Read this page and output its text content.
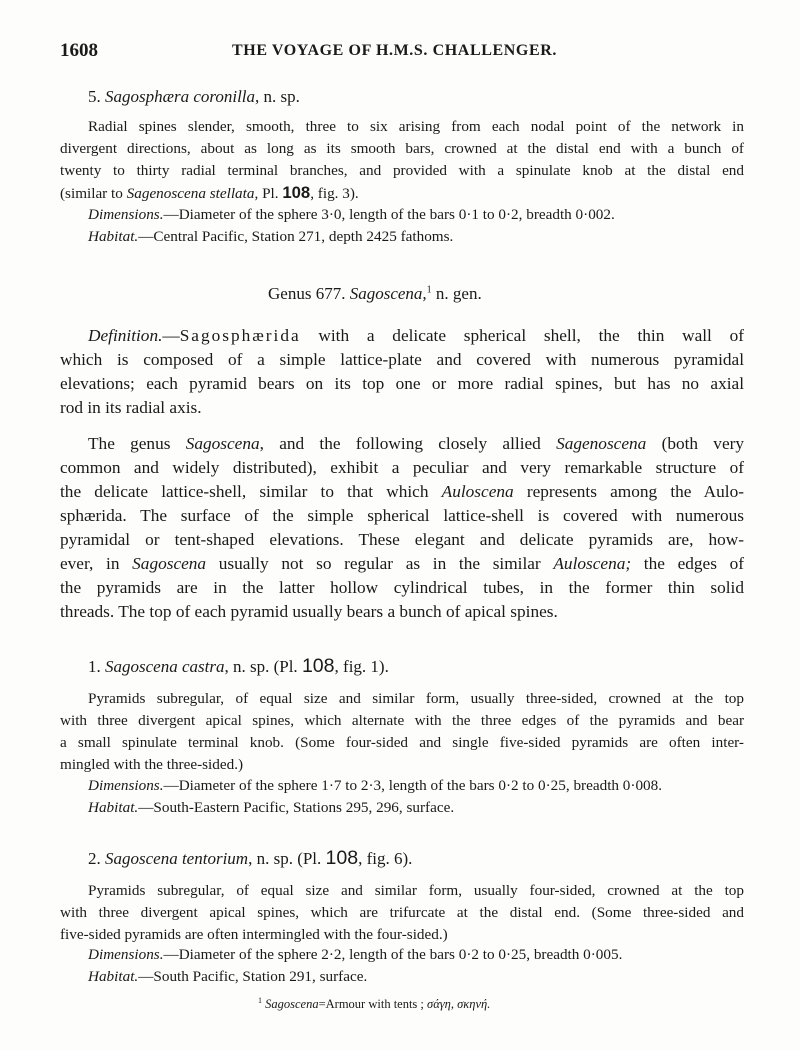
1608	THE VOYAGE OF H.M.S. CHALLENGER.
5. Sagosphæra coronilla, n. sp.
Radial spines slender, smooth, three to six arising from each nodal point of the network in
divergent directions, about as long as its smooth bars, crowned at the distal end with a bunch of
twenty to thirty radial terminal branches, and provided with a spinulate knob at the distal end
(similar to Sagenoscena stellata, Pl. 108, fig. 3).
Dimensions.—Diameter of the sphere 3·0, length of the bars 0·1 to 0·2, breadth 0·002.
Habitat.—Central Pacific, Station 271, depth 2425 fathoms.
Genus 677. Sagoscena,$^1$ n. gen.
Definition.—Sagosphærida with a delicate spherical shell, the thin wall of
which is composed of a simple lattice-plate and covered with numerous pyramidal
elevations; each pyramid bears on its top one or more radial spines, but has no axial
rod in its radial axis.
The genus Sagoscena, and the following closely allied Sagenoscena (both very
common and widely distributed), exhibit a peculiar and very remarkable structure of
the delicate lattice-shell, similar to that which Auloscena represents among the Aulo-
sphærida. The surface of the simple spherical lattice-shell is covered with numerous
pyramidal or tent-shaped elevations. These elegant and delicate pyramids are, how-
ever, in Sagoscena usually not so regular as in the similar Auloscena; the edges of
the pyramids are in the latter hollow cylindrical tubes, in the former thin solid
threads. The top of each pyramid usually bears a bunch of apical spines.
1. Sagoscena castra, n. sp. (Pl. 108, fig. 1).
Pyramids subregular, of equal size and similar form, usually three-sided, crowned at the top
with three divergent apical spines, which alternate with the three edges of the pyramids and bear
a small spinulate terminal knob. (Some four-sided and single five-sided pyramids are often inter-
mingled with the three-sided.)
Dimensions.—Diameter of the sphere 1·7 to 2·3, length of the bars 0·2 to 0·25, breadth 0·008.
Habitat.—South-Eastern Pacific, Stations 295, 296, surface.
2. Sagoscena tentorium, n. sp. (Pl. 108, fig. 6).
Pyramids subregular, of equal size and similar form, usually four-sided, crowned at the top
with three divergent apical spines, which are trifurcate at the distal end. (Some three-sided and
five-sided pyramids are often intermingled with the four-sided.)
Dimensions.—Diameter of the sphere 2·2, length of the bars 0·2 to 0·25, breadth 0·005.
Habitat.—South Pacific, Station 291, surface.
$^1$ Sagoscena=Armour with tents ; σάγη, σκηνή.
